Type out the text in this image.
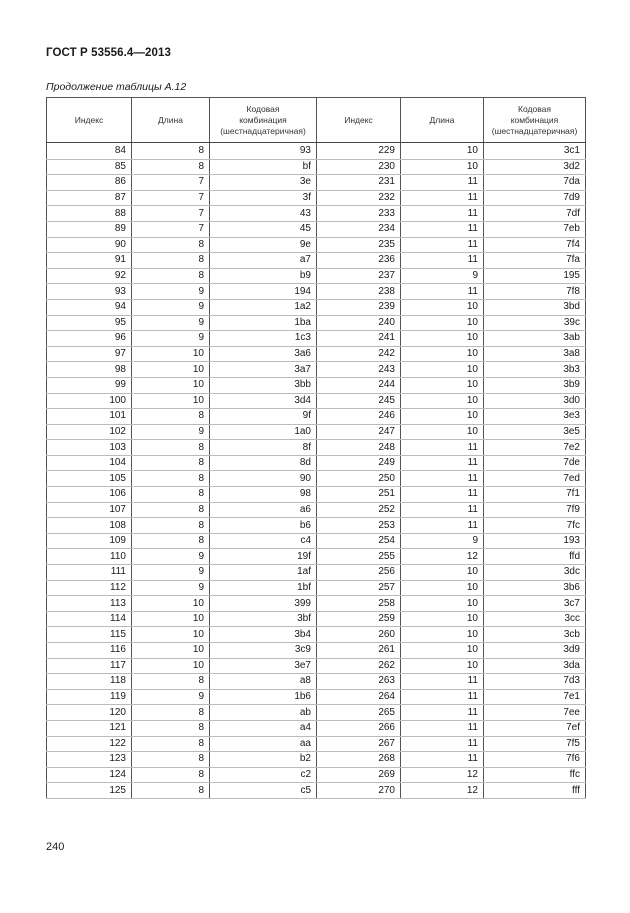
ГОСТ Р 53556.4—2013
Продолжение таблицы А.12
Индекс	Длина	Кодовая
комбинация
(шестнадцатеричная)	Индекс	Длина	Кодовая
комбинация
(шестнадцатеричная)
84	8	93	229	10	3c1
85	8	bf	230	10	3d2
86	7	3e	231	11	7da
87	7	3f	232	11	7d9
88	7	43	233	11	7df
89	7	45	234	11	7eb
90	8	9e	235	11	7f4
91	8	a7	236	11	7fa
92	8	b9	237	9	195
93	9	194	238	11	7f8
94	9	1a2	239	10	3bd
95	9	1ba	240	10	39c
96	9	1c3	241	10	3ab
97	10	3a6	242	10	3a8
98	10	3a7	243	10	3b3
99	10	3bb	244	10	3b9
100	10	3d4	245	10	3d0
101	8	9f	246	10	3e3
102	9	1a0	247	10	3e5
103	8	8f	248	11	7e2
104	8	8d	249	11	7de
105	8	90	250	11	7ed
106	8	98	251	11	7f1
107	8	a6	252	11	7f9
108	8	b6	253	11	7fc
109	8	c4	254	9	193
110	9	19f	255	12	ffd
111	9	1af	256	10	3dc
112	9	1bf	257	10	3b6
113	10	399	258	10	3c7
114	10	3bf	259	10	3cc
115	10	3b4	260	10	3cb
116	10	3c9	261	10	3d9
117	10	3e7	262	10	3da
118	8	a8	263	11	7d3
119	9	1b6	264	11	7e1
120	8	ab	265	11	7ee
121	8	a4	266	11	7ef
122	8	aa	267	11	7f5
123	8	b2	268	11	7f6
124	8	c2	269	12	ffc
125	8	c5	270	12	fff
240
